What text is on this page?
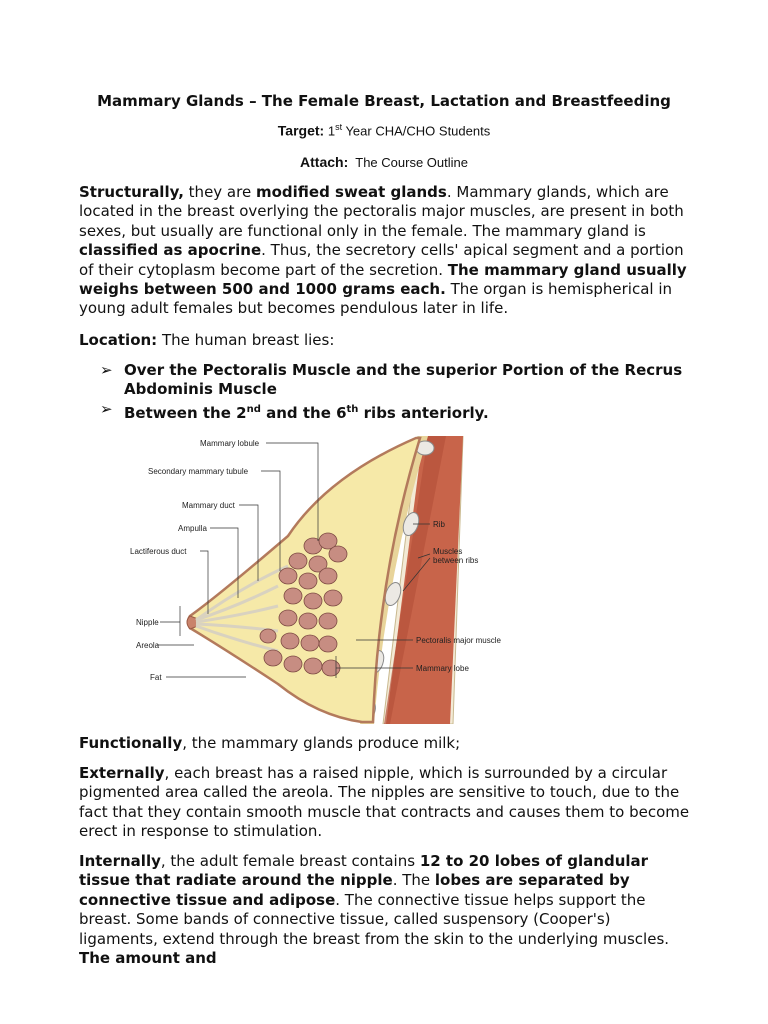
Mammary Glands – The Female Breast, Lactation and Breastfeeding
Target: 1st Year CHA/CHO Students
Attach: The Course Outline

Structurally, they are modified sweat glands. Mammary glands, which are located in the breast overlying the pectoralis major muscles, are present in both sexes, but usually are functional only in the female. The mammary gland is classified as apocrine. Thus, the secretory cells' apical segment and a portion of their cytoplasm become part of the secretion. The mammary gland usually weighs between 500 and 1000 grams each. The organ is hemispherical in young adult females but becomes pendulous later in life.

Location: The human breast lies:

➢ Over the Pectoralis Muscle and the superior Portion of the Recrus Abdominis Muscle
➢ Between the 2nd and the 6th ribs anteriorly.
Mammary lobule
Secondary mammary tubule
Mammary duct
Ampulla
Lactiferous duct
Nipple
Areola
Fat
Rib
Muscles
between ribs
Pectoralis major muscle
Mammary lobe

Functionally, the mammary glands produce milk;

Externally, each breast has a raised nipple, which is surrounded by a circular pigmented area called the areola. The nipples are sensitive to touch, due to the fact that they contain smooth muscle that contracts and causes them to become erect in response to stimulation.

Internally, the adult female breast contains 12 to 20 lobes of glandular tissue that radiate around the nipple. The lobes are separated by connective tissue and adipose. The connective tissue helps support the breast. Some bands of connective tissue, called suspensory (Cooper's) ligaments, extend through the breast from the skin to the underlying muscles. The amount and
